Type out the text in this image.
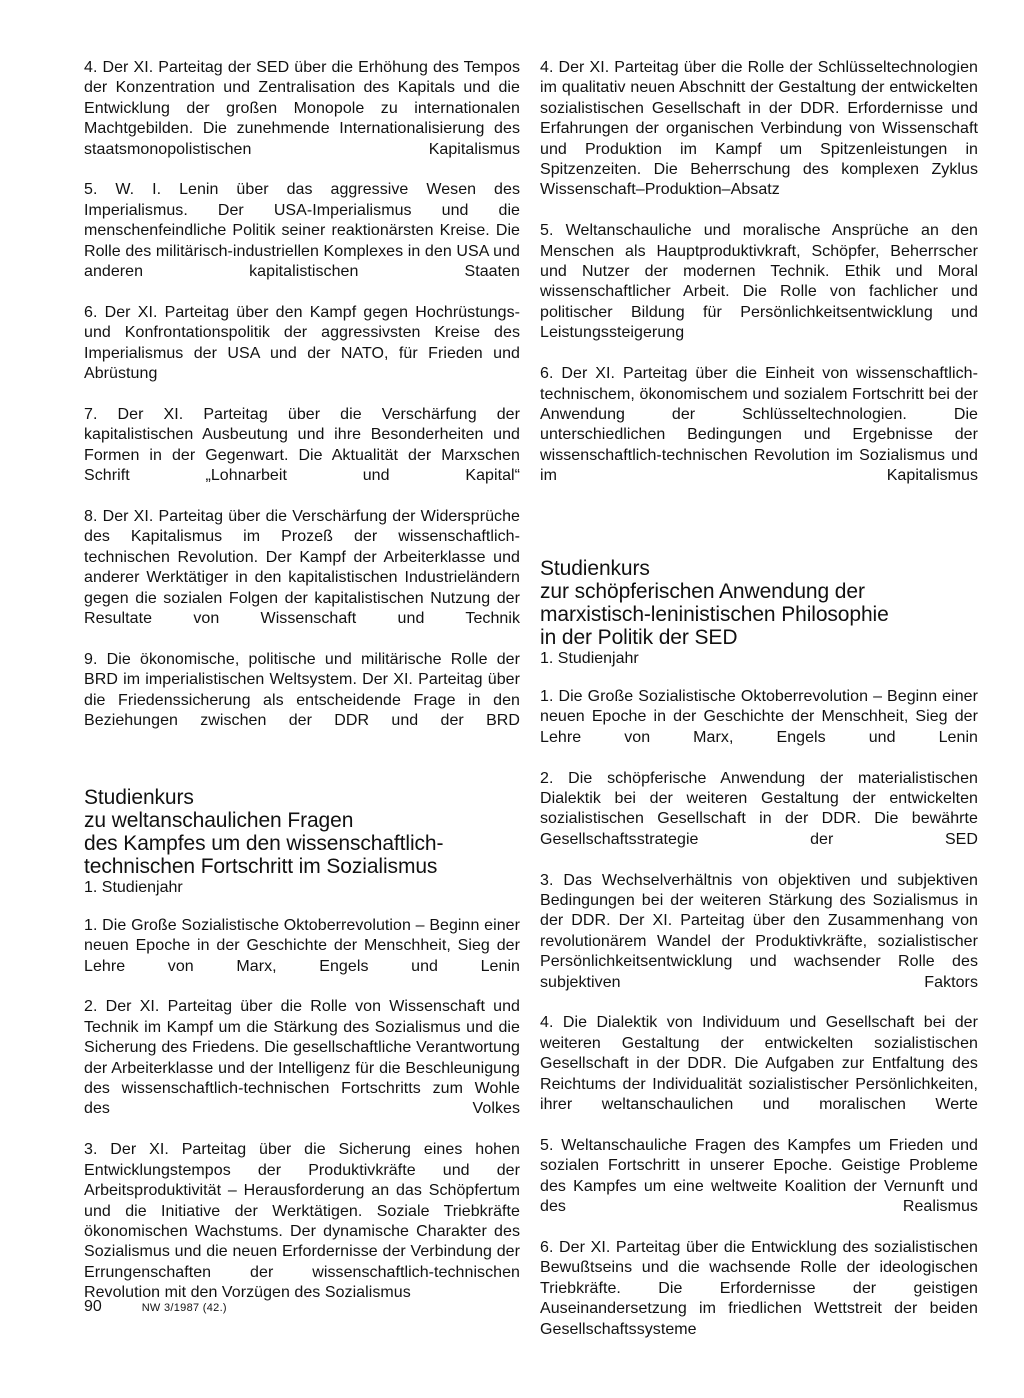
4. Der XI. Parteitag der SED über die Erhöhung des Tempos der Konzentration und Zentralisation des Kapitals und die Entwicklung der großen Monopole zu internationalen Machtgebilden. Die zunehmende Internationalisierung des staatsmonopolistischen Kapitalismus

5. W. I. Lenin über das aggressive Wesen des Imperialismus. Der USA-Imperialismus und die menschenfeindliche Politik seiner reaktionärsten Kreise. Die Rolle des militärisch-industriellen Komplexes in den USA und anderen kapitalistischen Staaten

6. Der XI. Parteitag über den Kampf gegen Hochrüstungs- und Konfrontationspolitik der aggressivsten Kreise des Imperialismus der USA und der NATO, für Frieden und Abrüstung

7. Der XI. Parteitag über die Verschärfung der kapitalistischen Ausbeutung und ihre Besonderheiten und Formen in der Gegenwart. Die Aktualität der Marxschen Schrift „Lohnarbeit und Kapital“

8. Der XI. Parteitag über die Verschärfung der Widersprüche des Kapitalismus im Prozeß der wissenschaftlich-technischen Revolution. Der Kampf der Arbeiterklasse und anderer Werktätiger in den kapitalistischen Industrieländern gegen die sozialen Folgen der kapitalistischen Nutzung der Resultate von Wissenschaft und Technik

9. Die ökonomische, politische und militärische Rolle der BRD im imperialistischen Weltsystem. Der XI. Parteitag über die Friedenssicherung als entscheidende Frage in den Beziehungen zwischen der DDR und der BRD

Studienkurs

zu weltanschaulichen Fragen

des Kampfes um den wissenschaftlich-

technischen Fortschritt im Sozialismus

1. Studienjahr

1. Die Große Sozialistische Oktoberrevolution – Beginn einer neuen Epoche in der Geschichte der Menschheit, Sieg der Lehre von Marx, Engels und Lenin

2. Der XI. Parteitag über die Rolle von Wissenschaft und Technik im Kampf um die Stärkung des Sozialismus und die Sicherung des Friedens. Die gesellschaftliche Verantwortung der Arbeiterklasse und der Intelligenz für die Beschleunigung des wissenschaftlich-technischen Fortschritts zum Wohle des Volkes

3. Der XI. Parteitag über die Sicherung eines hohen Entwicklungstempos der Produktivkräfte und der Arbeitsproduktivität – Herausforderung an das Schöpfertum und die Initiative der Werktätigen. Soziale Triebkräfte ökonomischen Wachstums. Der dynamische Charakter des Sozialismus und die neuen Erfordernisse der Verbindung der Errungenschaften der wissenschaftlich-technischen Revolution mit den Vorzügen des Sozialismus

4. Der XI. Parteitag über die Rolle der Schlüsseltechnologien im qualitativ neuen Abschnitt der Gestaltung der entwickelten sozialistischen Gesellschaft in der DDR. Erfordernisse und Erfahrungen der organischen Verbindung von Wissenschaft und Produktion im Kampf um Spitzenleistungen in Spitzenzeiten. Die Beherrschung des komplexen Zyklus Wissenschaft–Produktion–Absatz

5. Weltanschauliche und moralische Ansprüche an den Menschen als Hauptproduktivkraft, Schöpfer, Beherrscher und Nutzer der modernen Technik. Ethik und Moral wissenschaftlicher Arbeit. Die Rolle von fachlicher und politischer Bildung für Persönlichkeitsentwicklung und Leistungssteigerung

6. Der XI. Parteitag über die Einheit von wissenschaftlich-technischem, ökonomischem und sozialem Fortschritt bei der Anwendung der Schlüsseltechnologien. Die unterschiedlichen Bedingungen und Ergebnisse der wissenschaftlich-technischen Revolution im Sozialismus und im Kapitalismus

Studienkurs

zur schöpferischen Anwendung der

marxistisch-leninistischen Philosophie

in der Politik der SED

1. Studienjahr

1. Die Große Sozialistische Oktoberrevolution – Beginn einer neuen Epoche in der Geschichte der Menschheit, Sieg der Lehre von Marx, Engels und Lenin

2. Die schöpferische Anwendung der materialistischen Dialektik bei der weiteren Gestaltung der entwickelten sozialistischen Gesellschaft in der DDR. Die bewährte Gesellschaftsstrategie der SED

3. Das Wechselverhältnis von objektiven und subjektiven Bedingungen bei der weiteren Stärkung des Sozialismus in der DDR. Der XI. Parteitag über den Zusammenhang von revolutionärem Wandel der Produktivkräfte, sozialistischer Persönlichkeitsentwicklung und wachsender Rolle des subjektiven Faktors

4. Die Dialektik von Individuum und Gesellschaft bei der weiteren Gestaltung der entwickelten sozialistischen Gesellschaft in der DDR. Die Aufgaben zur Entfaltung des Reichtums der Individualität sozialistischer Persönlichkeiten, ihrer weltanschaulichen und moralischen Werte

5. Weltanschauliche Fragen des Kampfes um Frieden und sozialen Fortschritt in unserer Epoche. Geistige Probleme des Kampfes um eine weltweite Koalition der Vernunft und des Realismus

6. Der XI. Parteitag über die Entwicklung des sozialistischen Bewußtseins und die wachsende Rolle der ideologischen Triebkräfte. Die Erfordernisse der geistigen Auseinandersetzung im friedlichen Wettstreit der beiden Gesellschaftssysteme

90	NW 3/1987 (42.)
